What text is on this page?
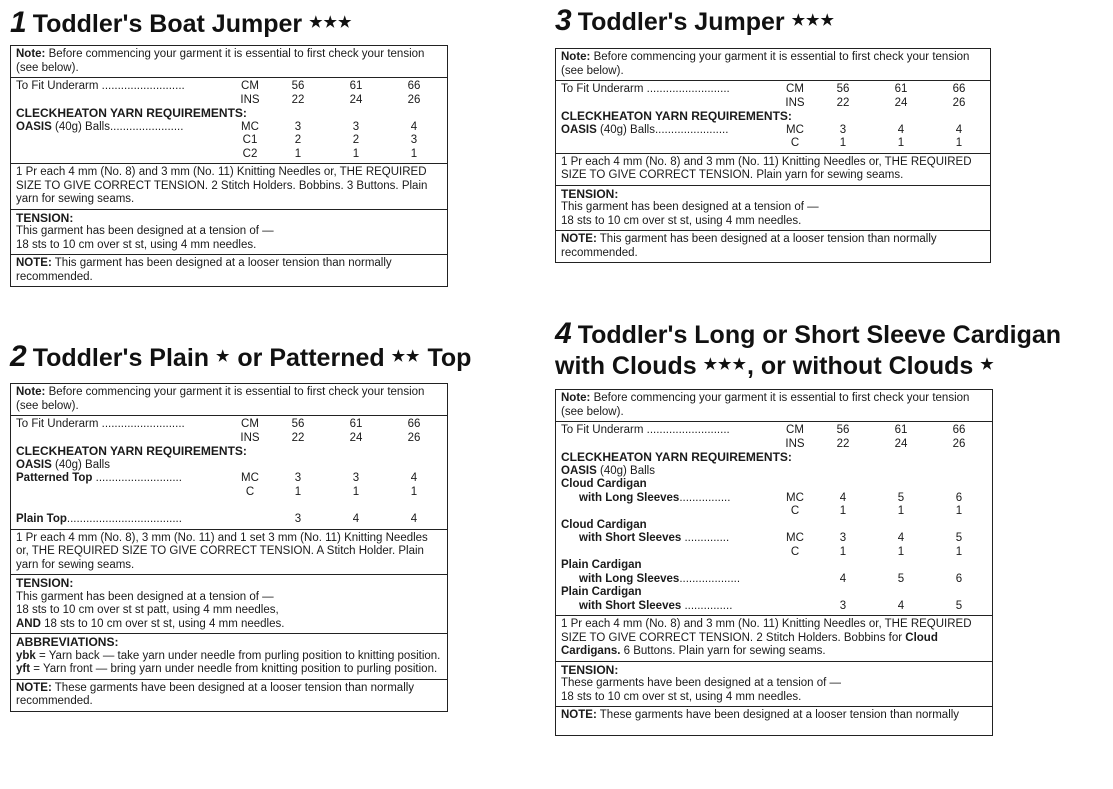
1 Toddler's Boat Jumper ★★★
Note: Before commencing your garment it is essential to first check your tension (see below).
To Fit Underarm ..........................	CM	56	61	66
INS	22	24	26
CLECKHEATON YARN REQUIREMENTS:
OASIS (40g) Balls.......................	MC	3	3	4
C1	2	2	3
C2	1	1	1
1 Pr each 4 mm (No. 8) and 3 mm (No. 11) Knitting Needles or, THE REQUIRED SIZE TO GIVE CORRECT TENSION. 2 Stitch Holders. Bobbins. 3 Buttons. Plain yarn for sewing seams.
TENSION:
This garment has been designed at a tension of —
18 sts to 10 cm over st st, using 4 mm needles.
NOTE: This garment has been designed at a looser tension than normally recommended.
2 Toddler's Plain ★ or Patterned ★★ Top
Note: Before commencing your garment it is essential to first check your tension (see below).
To Fit Underarm ..........................	CM	56	61	66
INS	22	24	26
CLECKHEATON YARN REQUIREMENTS:
OASIS (40g) Balls
Patterned Top ...........................	MC	3	3	4
C	1	1	1
Plain Top....................................	3	4	4
1 Pr each 4 mm (No. 8), 3 mm (No. 11) and 1 set 3 mm (No. 11) Knitting Needles or, THE REQUIRED SIZE TO GIVE CORRECT TENSION. A Stitch Holder. Plain yarn for sewing seams.
TENSION:
This garment has been designed at a tension of —
18 sts to 10 cm over st st patt, using 4 mm needles,
AND 18 sts to 10 cm over st st, using 4 mm needles.
ABBREVIATIONS:
ybk = Yarn back — take yarn under needle from purling position to knitting position.
yft = Yarn front — bring yarn under needle from knitting position to purling position.
NOTE: These garments have been designed at a looser tension than normally recommended.
3 Toddler's Jumper ★★★
Note: Before commencing your garment it is essential to first check your tension (see below).
To Fit Underarm ..........................	CM	56	61	66
INS	22	24	26
CLECKHEATON YARN REQUIREMENTS:
OASIS (40g) Balls.......................	MC	3	4	4
C	1	1	1
1 Pr each 4 mm (No. 8) and 3 mm (No. 11) Knitting Needles or, THE REQUIRED SIZE TO GIVE CORRECT TENSION. Plain yarn for sewing seams.
TENSION:
This garment has been designed at a tension of —
18 sts to 10 cm over st st, using 4 mm needles.
NOTE: This garment has been designed at a looser tension than normally recommended.
4 Toddler's Long or Short Sleeve Cardigan
with Clouds ★★★, or without Clouds ★
Note: Before commencing your garment it is essential to first check your tension (see below).
To Fit Underarm ..........................	CM	56	61	66
INS	22	24	26
CLECKHEATON YARN REQUIREMENTS:
OASIS (40g) Balls
Cloud Cardigan
with Long Sleeves................	MC	4	5	6
C	1	1	1
Cloud Cardigan
with Short Sleeves ..............	MC	3	4	5
C	1	1	1
Plain Cardigan
with Long Sleeves...................	4	5	6
Plain Cardigan
with Short Sleeves ...............	3	4	5
1 Pr each 4 mm (No. 8) and 3 mm (No. 11) Knitting Needles or, THE REQUIRED SIZE TO GIVE CORRECT TENSION. 2 Stitch Holders. Bobbins for Cloud Cardigans. 6 Buttons. Plain yarn for sewing seams.
TENSION:
These garments have been designed at a tension of —
18 sts to 10 cm over st st, using 4 mm needles.
NOTE: These garments have been designed at a looser tension than normally
